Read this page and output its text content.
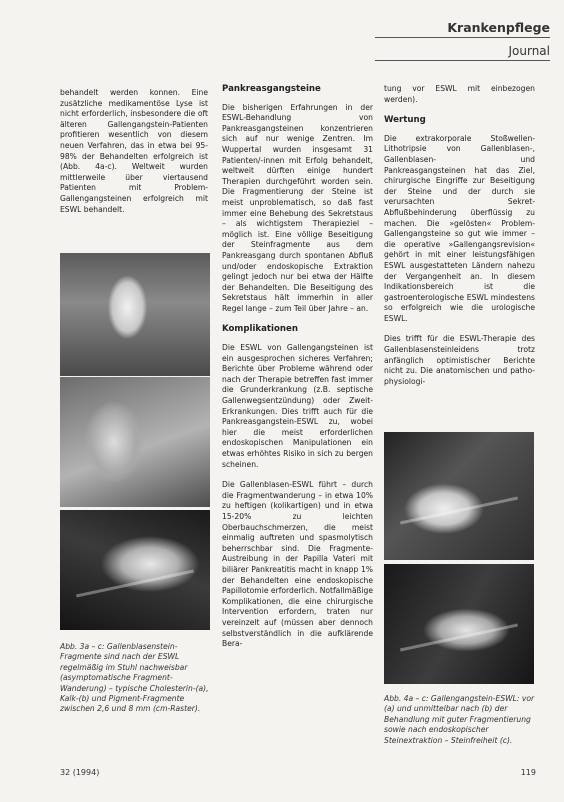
Krankenpflege
Journal

behandelt werden konnen. Eine zusätzliche medikamentöse Lyse ist nicht erforderlich, insbesondere die oft älteren Gallengangstein-Patienten profitieren wesentlich von diesem neuen Verfahren, das in etwa bei 95-98% der Behandelten erfolgreich ist (Abb. 4a-c). Weltweit wurden mittlerweile über viertausend Patienten mit Problem-Gallengangsteinen erfolgreich mit ESWL behandelt.

Abb. 3a – c: Gallenblasenstein-Fragmente sind nach der ESWL regelmäßig im Stuhl nachweisbar (asymptomatische Fragment-Wanderung) – typische Cholesterin-(a), Kalk-(b) und Pigment-Fragmente zwischen 2,6 und 8 mm (cm-Raster).
Pankreasgangsteine

Die bisherigen Erfahrungen in der ESWL-Behandlung von Pankreasgangsteinen konzentrieren sich auf nur wenige Zentren. Im Wuppertal wurden insgesamt 31 Patienten/-innen mit Erfolg behandelt, weltweit dürften einige hundert Therapien durchgeführt worden sein. Die Fragmentierung der Steine ist meist unproblematisch, so daß fast immer eine Behebung des Sekretstaus – als wichtigstem Therapieziel – möglich ist. Eine völlige Beseitigung der Steinfragmente aus dem Pankreasgang durch spontanen Abfluß und/oder endoskopische Extraktion gelingt jedoch nur bei etwa der Hälfte der Behandelten. Die Beseitigung des Sekretstaus hält immerhin in aller Regel lange – zum Teil über Jahre – an.

Komplikationen

Die ESWL von Gallengangsteinen ist ein ausgesprochen sicheres Verfahren; Berichte über Probleme während oder nach der Therapie betreffen fast immer die Grunderkrankung (z.B. septische Gallenwegsentzündung) oder Zweit-Erkrankungen. Dies trifft auch für die Pankreasgangstein-ESWL zu, wobei hier die meist erforderlichen endoskopischen Manipulationen ein etwas erhöhtes Risiko in sich zu bergen scheinen.

Die Gallenblasen-ESWL führt – durch die Fragmentwanderung – in etwa 10% zu heftigen (kolikartigen) und in etwa 15-20% zu leichten Oberbauchschmerzen, die meist einmalig auftreten und spasmolytisch beherrschbar sind. Die Fragmente-Austreibung in der Papilla Vateri mit biliärer Pankreatitis macht in knapp 1% der Behandelten eine endoskopische Papillotomie erforderlich. Notfallmäßige Komplikationen, die eine chirurgische Intervention erfordern, traten nur vereinzelt auf (müssen aber dennoch selbstverständlich in die aufklärende Bera-

tung vor ESWL mit einbezogen werden).

Wertung

Die extrakorporale Stoßwellen-Lithotripsie von Gallenblasen-, Gallenblasen- und Pankreasgangsteinen hat das Ziel, chirurgische Eingriffe zur Beseitigung der Steine und der durch sie verursachten Sekret-Abflußbehinderung überflüssig zu machen. Die »gelösten« Problem-Gallengangsteine so gut wie immer – die operative »Gallengangsrevision« gehört in mit einer leistungsfähigen ESWL ausgestatteten Ländern nahezu der Vergangenheit an. In diesem Indikationsbereich ist die gastroenterologische ESWL mindestens so erfolgreich wie die urologische ESWL.

Dies trifft für die ESWL-Therapie des Gallenblasensteinleidens trotz anfänglich optimistischer Berichte nicht zu. Die anatomischen und patho-physiologi-

Abb. 4a – c: Gallengangstein-ESWL: vor (a) und unmittelbar nach (b) der Behandlung mit guter Fragmentierung sowie nach endoskopischer Steinextraktion – Steinfreiheit (c).
32 (1994)	119
